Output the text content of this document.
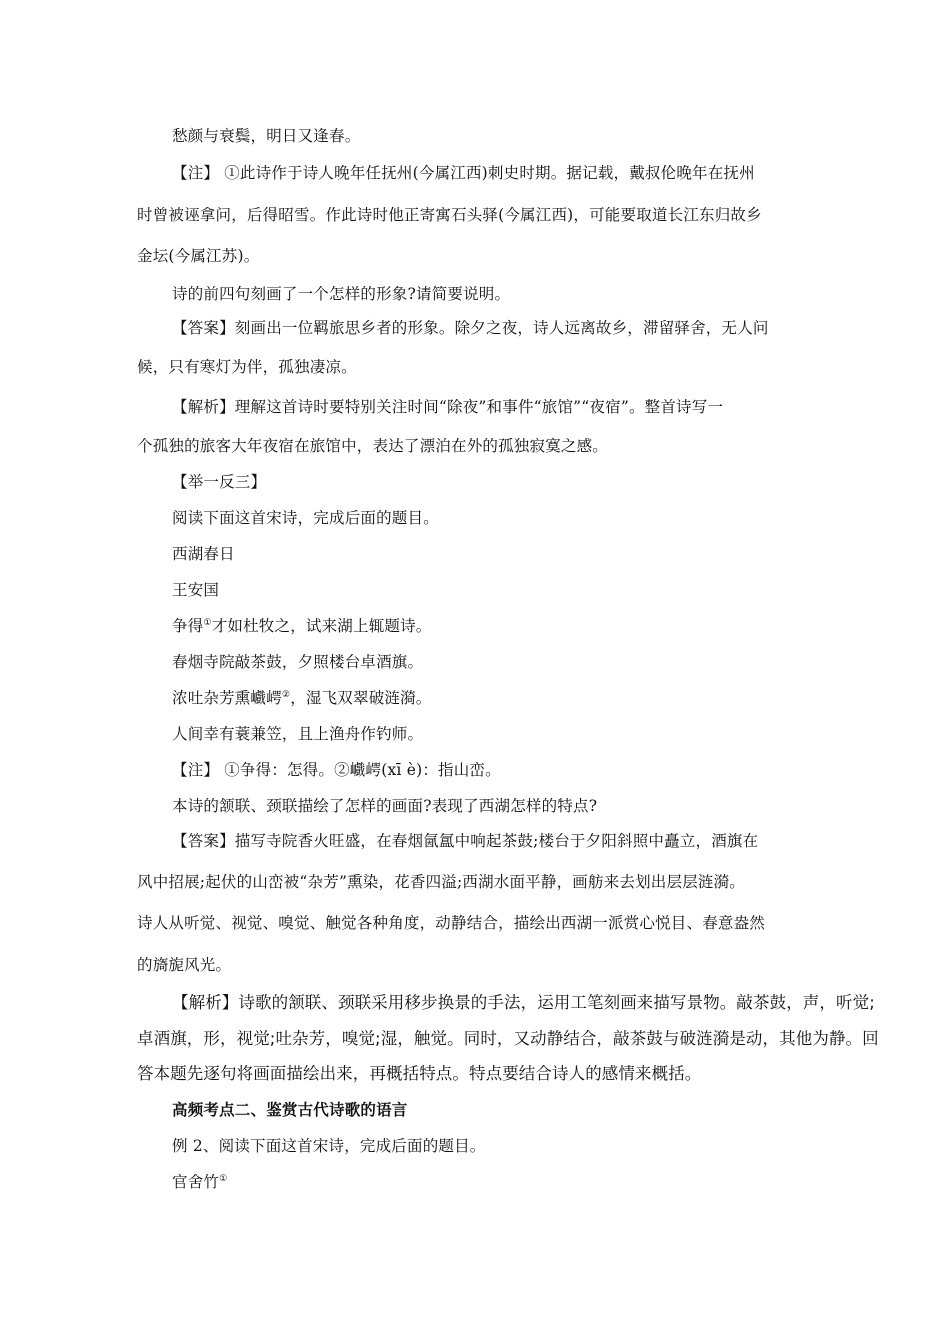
愁颜与衰鬓，明日又逢春。
【注】 ①此诗作于诗人晚年任抚州(今属江西)刺史时期。据记载，戴叔伦晚年在抚州
时曾被诬拿问，后得昭雪。作此诗时他正寄寓石头驿(今属江西)，可能要取道长江东归故乡
金坛(今属江苏)。
诗的前四句刻画了一个怎样的形象?请简要说明。
【答案】刻画出一位羁旅思乡者的形象。除夕之夜，诗人远离故乡，滞留驿舍，无人问
候，只有寒灯为伴，孤独凄凉。
【解析】理解这首诗时要特别关注时间“除夜”和事件“旅馆”“夜宿”。整首诗写一
个孤独的旅客大年夜宿在旅馆中，表达了漂泊在外的孤独寂寞之感。
【举一反三】
阅读下面这首宋诗，完成后面的题目。
西湖春日
王安国
争得①才如杜牧之，试来湖上辄题诗。
春烟寺院敲茶鼓，夕照楼台卓酒旗。
浓吐杂芳熏巇崿②，湿飞双翠破涟漪。
人间幸有蓑兼笠，且上渔舟作钓师。
【注】 ①争得：怎得。②巇崿(xī è)：指山峦。
本诗的颔联、颈联描绘了怎样的画面?表现了西湖怎样的特点?
【答案】描写寺院香火旺盛，在春烟氤氲中响起茶鼓;楼台于夕阳斜照中矗立，酒旗在
风中招展;起伏的山峦被“杂芳”熏染，花香四溢;西湖水面平静，画舫来去划出层层涟漪。
诗人从听觉、视觉、嗅觉、触觉各种角度，动静结合，描绘出西湖一派赏心悦目、春意盎然
的旖旎风光。
【解析】诗歌的颔联、颈联采用移步换景的手法，运用工笔刻画来描写景物。敲茶鼓，声，听觉;
卓酒旗，形，视觉;吐杂芳，嗅觉;湿，触觉。同时，又动静结合，敲茶鼓与破涟漪是动，其他为静。回
答本题先逐句将画面描绘出来，再概括特点。特点要结合诗人的感情来概括。
高频考点二、鉴赏古代诗歌的语言
例 2、阅读下面这首宋诗，完成后面的题目。
官舍竹①
